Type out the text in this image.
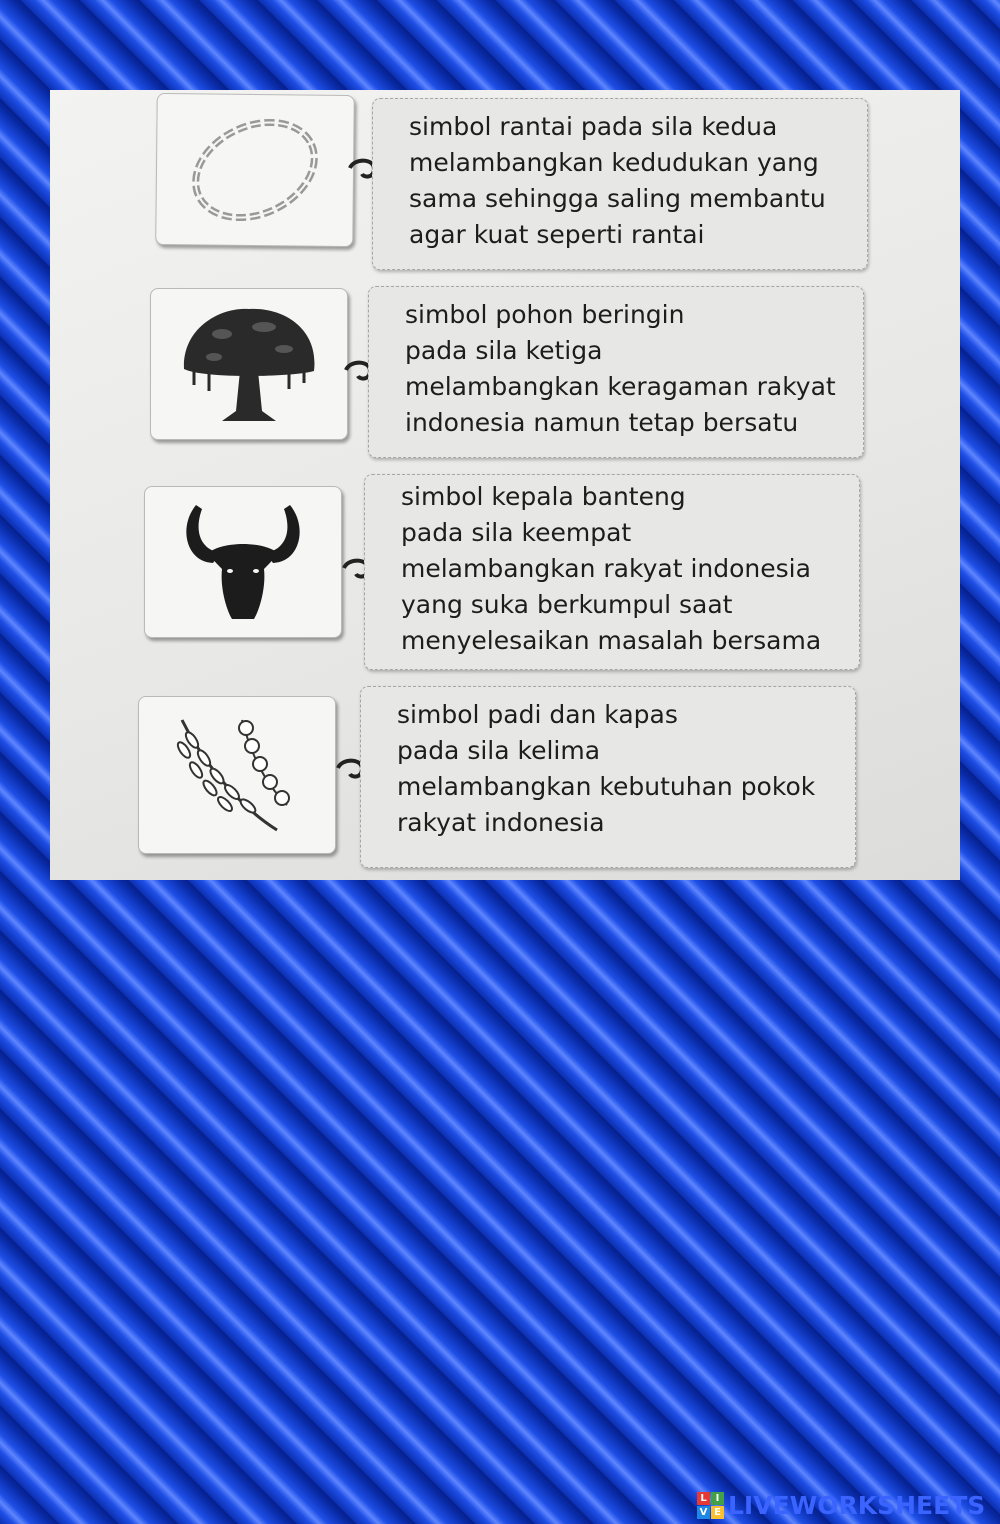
simbol rantai pada sila kedua
melambangkan kedudukan yang
sama sehingga saling membantu
agar kuat seperti rantai
simbol pohon beringin
pada sila ketiga
melambangkan keragaman rakyat
indonesia namun tetap bersatu
simbol kepala banteng
pada sila keempat
melambangkan rakyat indonesia
yang suka berkumpul saat
menyelesaikan masalah bersama
simbol padi dan kapas
pada sila kelima
melambangkan kebutuhan pokok
rakyat indonesia
L I
V E LIVEWORKSHEETS
